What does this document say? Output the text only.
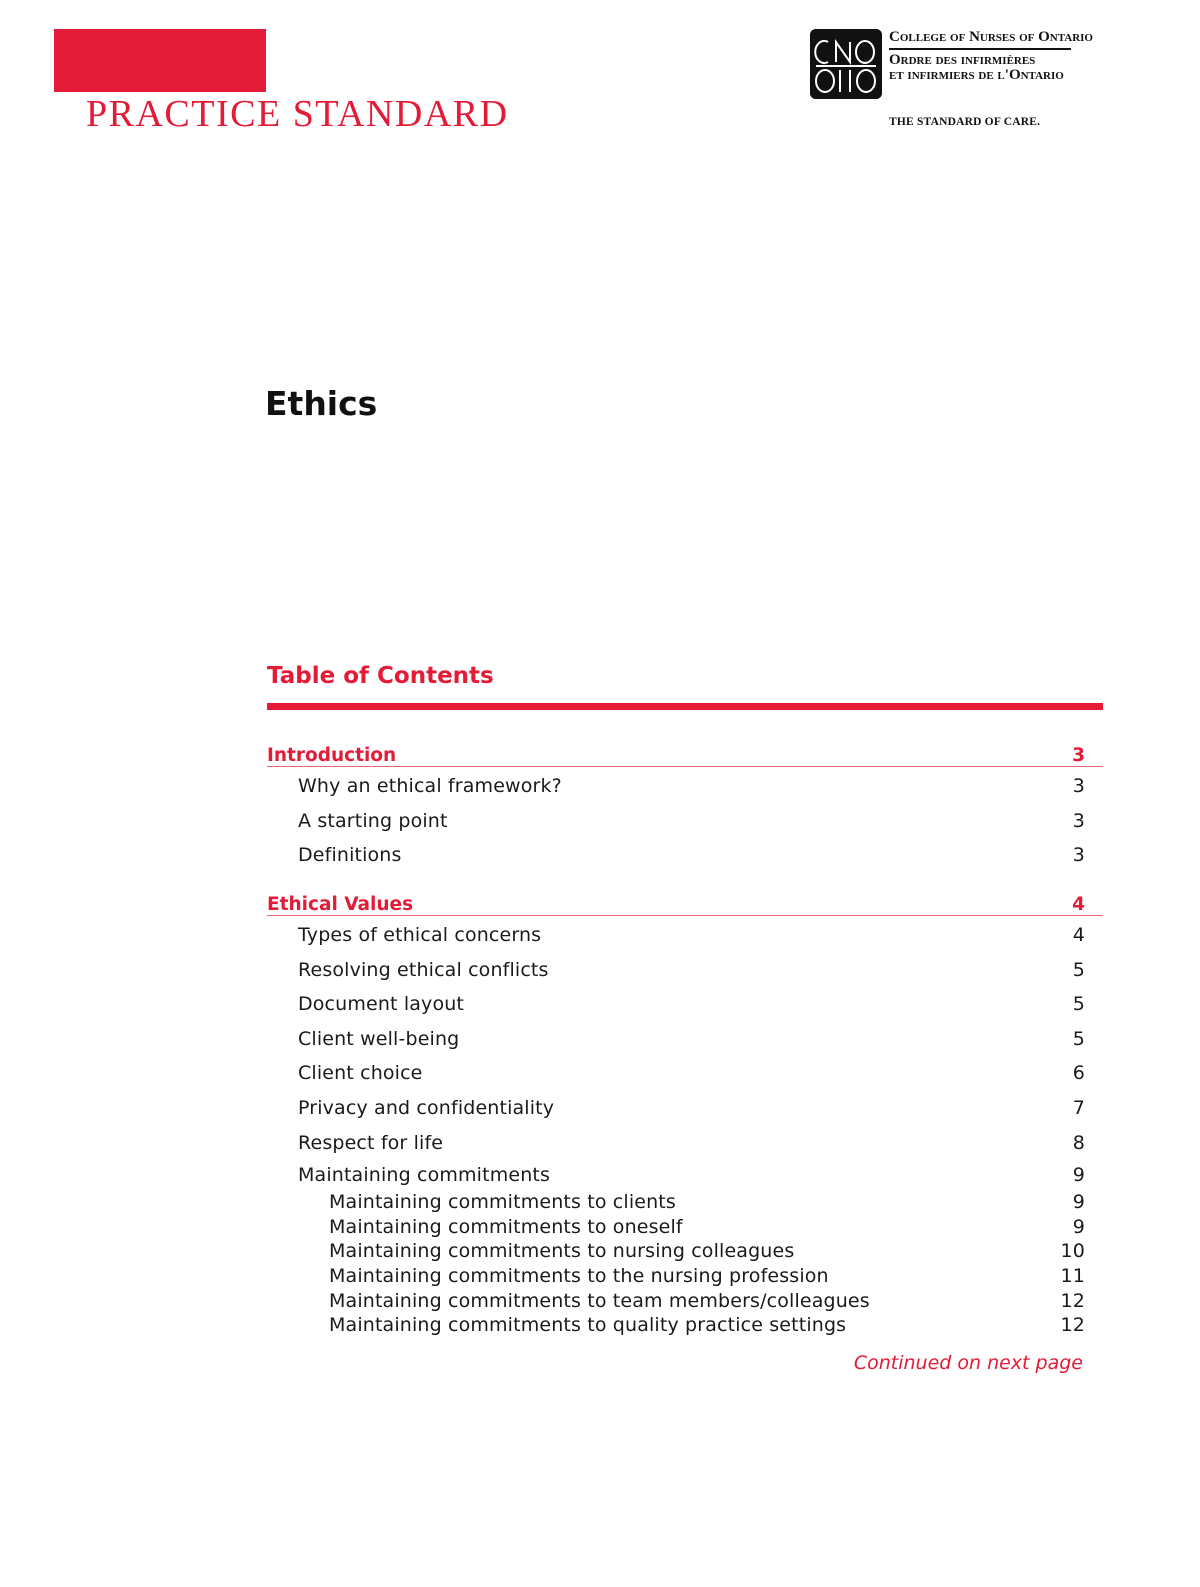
PRACTICE STANDARD
College of Nurses of Ontario
Ordre des infirmières
et infirmiers de l'Ontario
THE STANDARD OF CARE.
Ethics
Table of Contents
Introduction	3
Why an ethical framework?	3
A starting point	3
Definitions	3
Ethical Values	4
Types of ethical concerns	4
Resolving ethical conflicts	5
Document layout	5
Client well-being	5
Client choice	6
Privacy and confidentiality	7
Respect for life	8
Maintaining commitments	9
Maintaining commitments to clients	9
Maintaining commitments to oneself	9
Maintaining commitments to nursing colleagues	10
Maintaining commitments to the nursing profession	11
Maintaining commitments to team members/colleagues	12
Maintaining commitments to quality practice settings	12
Continued on next page
